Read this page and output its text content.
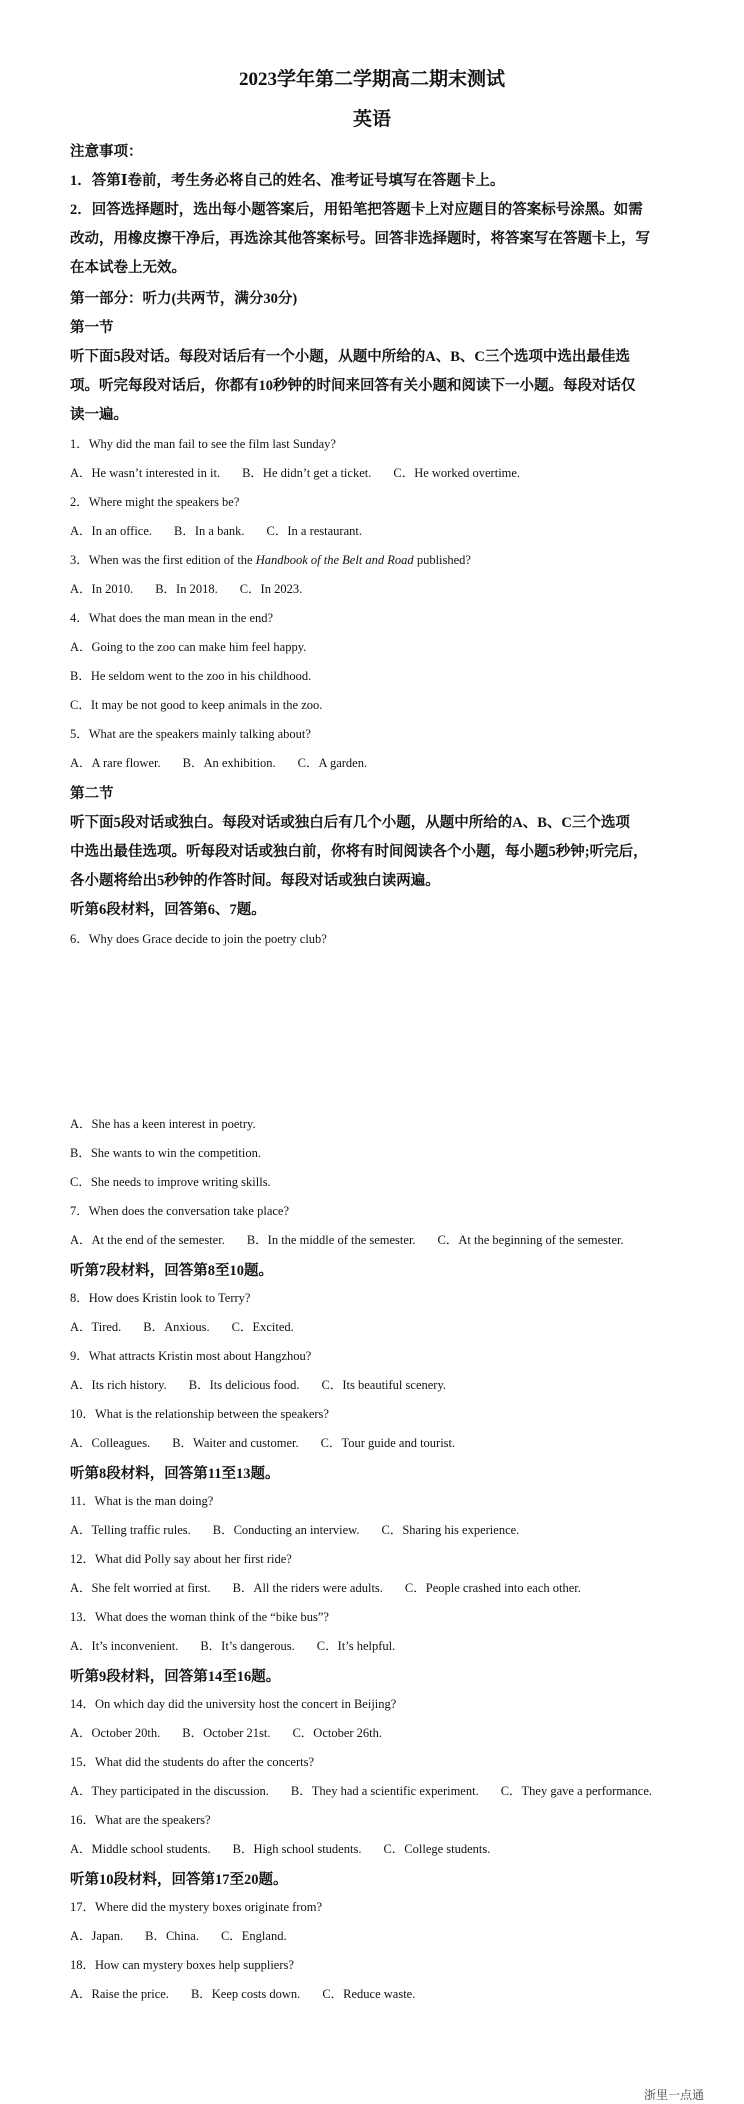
2023学年第二学期高二期末测试
英语
注意事项：
1．答第Ⅰ卷前，考生务必将自己的姓名、准考证号填写在答题卡上。
2．回答选择题时，选出每小题答案后，用铅笔把答题卡上对应题目的答案标号涂黑。如需
改动，用橡皮擦干净后，再选涂其他答案标号。回答非选择题时，将答案写在答题卡上，写
在本试卷上无效。
第一部分：听力(共两节，满分30分)
第一节
听下面5段对话。每段对话后有一个小题，从题中所给的A、B、C三个选项中选出最佳选
项。听完每段对话后，你都有10秒钟的时间来回答有关小题和阅读下一小题。每段对话仅
读一遍。
1．Why did the man fail to see the film last Sunday?
A．He wasn’t interested in it. B．He didn’t get a ticket. C．He worked overtime.
2．Where might the speakers be?
A．In an office. B．In a bank. C．In a restaurant.
3．When was the first edition of the Handbook of the Belt and Road published?
A．In 2010. B．In 2018. C．In 2023.
4．What does the man mean in the end?
A．Going to the zoo can make him feel happy.
B．He seldom went to the zoo in his childhood.
C．It may be not good to keep animals in the zoo.
5．What are the speakers mainly talking about?
A．A rare flower. B．An exhibition. C．A garden.
第二节
听下面5段对话或独白。每段对话或独白后有几个小题，从题中所给的A、B、C三个选项
中选出最佳选项。听每段对话或独白前，你将有时间阅读各个小题，每小题5秒钟;听完后，
各小题将给出5秒钟的作答时间。每段对话或独白读两遍。
听第6段材料，回答第6、7题。
6．Why does Grace decide to join the poetry club?
A．She has a keen interest in poetry.
B．She wants to win the competition.
C．She needs to improve writing skills.
7．When does the conversation take place?
A．At the end of the semester. B．In the middle of the semester. C．At the beginning of the semester.
听第7段材料，回答第8至10题。
8．How does Kristin look to Terry?
A．Tired. B．Anxious. C．Excited.
9．What attracts Kristin most about Hangzhou?
A．Its rich history. B．Its delicious food. C．Its beautiful scenery.
10．What is the relationship between the speakers?
A．Colleagues. B．Waiter and customer. C．Tour guide and tourist.
听第8段材料，回答第11至13题。
11．What is the man doing?
A．Telling traffic rules. B．Conducting an interview. C．Sharing his experience.
12．What did Polly say about her first ride?
A．She felt worried at first. B．All the riders were adults. C．People crashed into each other.
13．What does the woman think of the “bike bus”?
A．It’s inconvenient. B．It’s dangerous. C．It’s helpful.
听第9段材料，回答第14至16题。
14．On which day did the university host the concert in Beijing?
A．October 20th. B．October 21st. C．October 26th.
15．What did the students do after the concerts?
A．They participated in the discussion. B．They had a scientific experiment. C．They gave a performance.
16．What are the speakers?
A．Middle school students. B．High school students. C．College students.
听第10段材料，回答第17至20题。
17．Where did the mystery boxes originate from?
A．Japan. B．China. C．England.
18．How can mystery boxes help suppliers?
A．Raise the price. B．Keep costs down. C．Reduce waste.
浙里一点通
